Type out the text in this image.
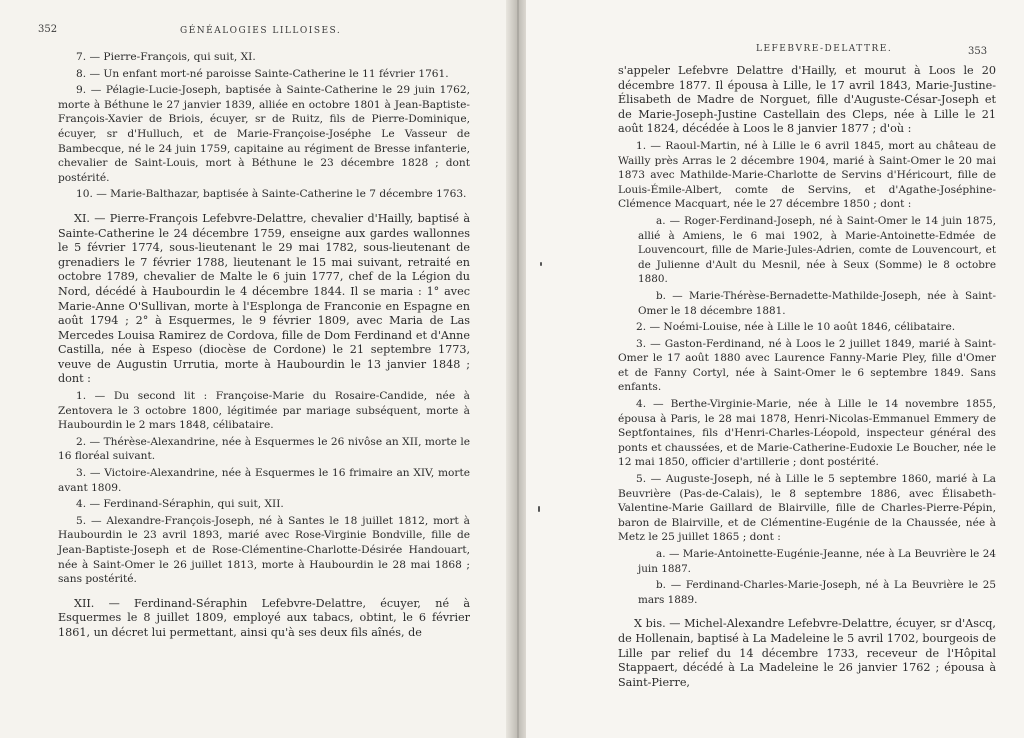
352	GÉNÉALOGIES LILLOISES.

7. — Pierre-François, qui suit, XI.

8. — Un enfant mort-né paroisse Sainte-Catherine le 11 février 1761.

9. — Pélagie-Lucie-Joseph, baptisée à Sainte-Catherine le 29 juin 1762, morte à Béthune le 27 janvier 1839, alliée en octobre 1801 à Jean-Baptiste-François-Xavier de Briois, écuyer, sr de Ruitz, fils de Pierre-Dominique, écuyer, sr d'Hulluch, et de Marie-Françoise-Joséphe Le Vasseur de Bambecque, né le 24 juin 1759, capitaine au régiment de Bresse infanterie, chevalier de Saint-Louis, mort à Béthune le 23 décembre 1828 ; dont postérité.

10. — Marie-Balthazar, baptisée à Sainte-Catherine le 7 décembre 1763.

XI. — Pierre-François Lefebvre-Delattre, chevalier d'Hailly, baptisé à Sainte-Catherine le 24 décembre 1759, enseigne aux gardes wallonnes le 5 février 1774, sous-lieutenant le 29 mai 1782, sous-lieutenant de grenadiers le 7 février 1788, lieutenant le 15 mai suivant, retraité en octobre 1789, chevalier de Malte le 6 juin 1777, chef de la Légion du Nord, décédé à Haubourdin le 4 décembre 1844. Il se maria : 1° avec Marie-Anne O'Sullivan, morte à l'Esplonga de Franconie en Espagne en août 1794 ; 2° à Esquermes, le 9 février 1809, avec Maria de Las Mercedes Louisa Ramirez de Cordova, fille de Dom Ferdinand et d'Anne Castilla, née à Espeso (diocèse de Cordone) le 21 septembre 1773, veuve de Augustin Urrutia, morte à Haubourdin le 13 janvier 1848 ; dont :

1. — Du second lit : Françoise-Marie du Rosaire-Candide, née à Zentovera le 3 octobre 1800, légitimée par mariage subséquent, morte à Haubourdin le 2 mars 1848, célibataire.

2. — Thérèse-Alexandrine, née à Esquermes le 26 nivôse an XII, morte le 16 floréal suivant.

3. — Victoire-Alexandrine, née à Esquermes le 16 frimaire an XIV, morte avant 1809.

4. — Ferdinand-Séraphin, qui suit, XII.

5. — Alexandre-François-Joseph, né à Santes le 18 juillet 1812, mort à Haubourdin le 23 avril 1893, marié avec Rose-Virginie Bondville, fille de Jean-Baptiste-Joseph et de Rose-Clémentine-Charlotte-Désirée Handouart, née à Saint-Omer le 26 juillet 1813, morte à Haubourdin le 28 mai 1868 ; sans postérité.

XII. — Ferdinand-Séraphin Lefebvre-Delattre, écuyer, né à Esquermes le 8 juillet 1809, employé aux tabacs, obtint, le 6 février 1861, un décret lui permettant, ainsi qu'à ses deux fils aînés, de

LEFEBVRE-DELATTRE.	353

s'appeler Lefebvre Delattre d'Hailly, et mourut à Loos le 20 décembre 1877. Il épousa à Lille, le 17 avril 1843, Marie-Justine-Élisabeth de Madre de Norguet, fille d'Auguste-César-Joseph et de Marie-Joseph-Justine Castellain des Cleps, née à Lille le 21 août 1824, décédée à Loos le 8 janvier 1877 ; d'où :

1. — Raoul-Martin, né à Lille le 6 avril 1845, mort au château de Wailly près Arras le 2 décembre 1904, marié à Saint-Omer le 20 mai 1873 avec Mathilde-Marie-Charlotte de Servins d'Héricourt, fille de Louis-Émile-Albert, comte de Servins, et d'Agathe-Joséphine-Clémence Macquart, née le 27 décembre 1850 ; dont :

a. — Roger-Ferdinand-Joseph, né à Saint-Omer le 14 juin 1875, allié à Amiens, le 6 mai 1902, à Marie-Antoinette-Edmée de Louvencourt, fille de Marie-Jules-Adrien, comte de Louvencourt, et de Julienne d'Ault du Mesnil, née à Seux (Somme) le 8 octobre 1880.

b. — Marie-Thérèse-Bernadette-Mathilde-Joseph, née à Saint-Omer le 18 décembre 1881.

2. — Noémi-Louise, née à Lille le 10 août 1846, célibataire.

3. — Gaston-Ferdinand, né à Loos le 2 juillet 1849, marié à Saint-Omer le 17 août 1880 avec Laurence Fanny-Marie Pley, fille d'Omer et de Fanny Cortyl, née à Saint-Omer le 6 septembre 1849. Sans enfants.

4. — Berthe-Virginie-Marie, née à Lille le 14 novembre 1855, épousa à Paris, le 28 mai 1878, Henri-Nicolas-Emmanuel Emmery de Septfontaines, fils d'Henri-Charles-Léopold, inspecteur général des ponts et chaussées, et de Marie-Catherine-Eudoxie Le Boucher, née le 12 mai 1850, officier d'artillerie ; dont postérité.

5. — Auguste-Joseph, né à Lille le 5 septembre 1860, marié à La Beuvrière (Pas-de-Calais), le 8 septembre 1886, avec Élisabeth-Valentine-Marie Gaillard de Blairville, fille de Charles-Pierre-Pépin, baron de Blairville, et de Clémentine-Eugénie de la Chaussée, née à Metz le 25 juillet 1865 ; dont :

a. — Marie-Antoinette-Eugénie-Jeanne, née à La Beuvrière le 24 juin 1887.

b. — Ferdinand-Charles-Marie-Joseph, né à La Beuvrière le 25 mars 1889.

X bis. — Michel-Alexandre Lefebvre-Delattre, écuyer, sr d'Ascq, de Hollenain, baptisé à La Madeleine le 5 avril 1702, bourgeois de Lille par relief du 14 décembre 1733, receveur de l'Hôpital Stappaert, décédé à La Madeleine le 26 janvier 1762 ; épousa à Saint-Pierre,
